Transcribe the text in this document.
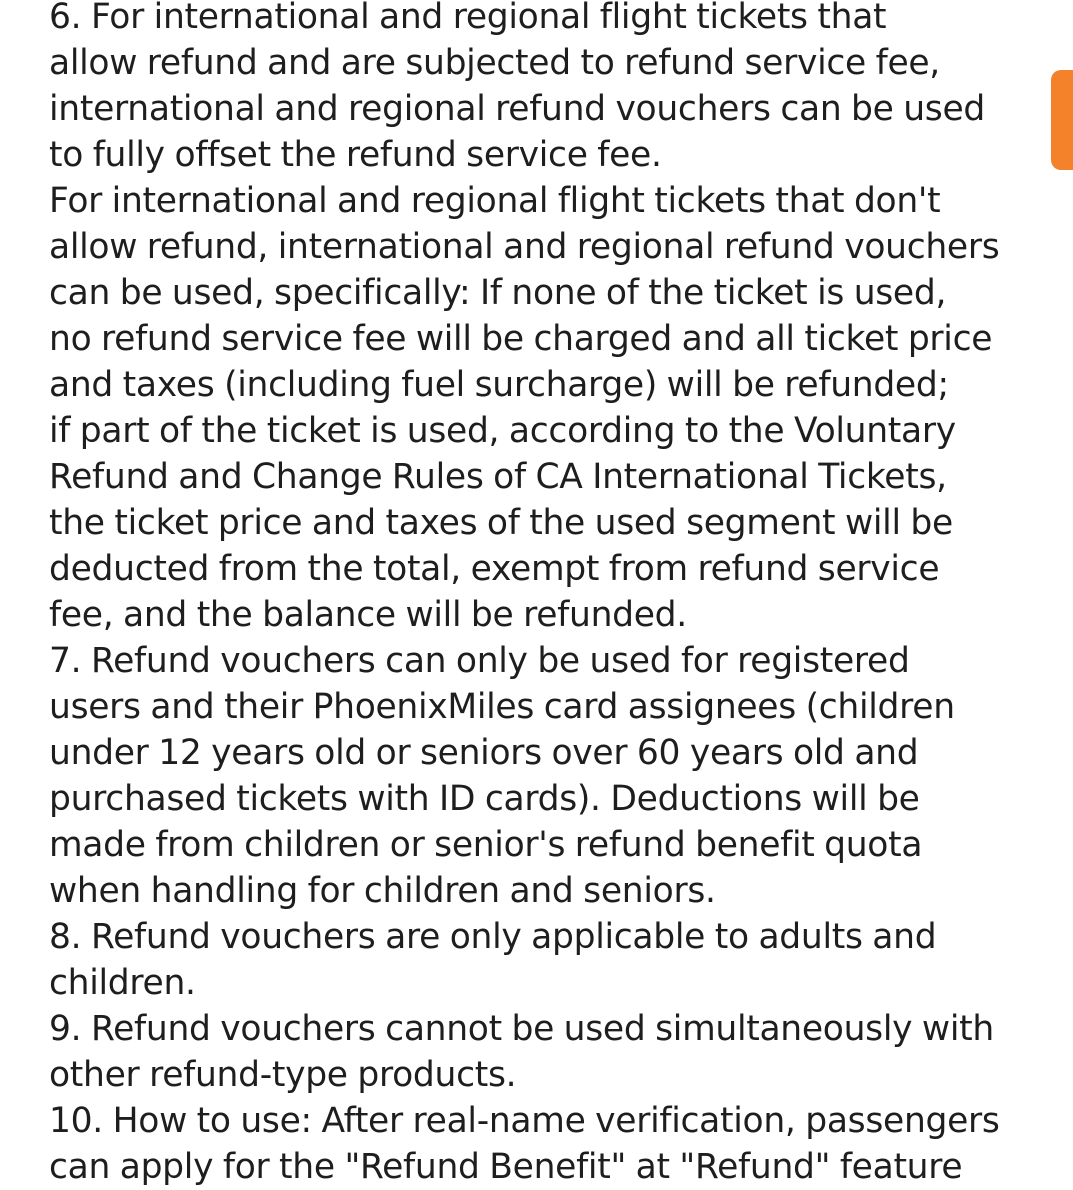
6. For international and regional flight tickets that
allow refund and are subjected to refund service fee,
international and regional refund vouchers can be used
to fully offset the refund service fee.
For international and regional flight tickets that don't
allow refund, international and regional refund vouchers
can be used, specifically: If none of the ticket is used,
no refund service fee will be charged and all ticket price
and taxes (including fuel surcharge) will be refunded;
if part of the ticket is used, according to the Voluntary
Refund and Change Rules of CA International Tickets,
the ticket price and taxes of the used segment will be
deducted from the total, exempt from refund service
fee, and the balance will be refunded.
7. Refund vouchers can only be used for registered
users and their PhoenixMiles card assignees (children
under 12 years old or seniors over 60 years old and
purchased tickets with ID cards). Deductions will be
made from children or senior's refund benefit quota
when handling for children and seniors.
8. Refund vouchers are only applicable to adults and
children.
9. Refund vouchers cannot be used simultaneously with
other refund-type products.
10. How to use: After real-name verification, passengers
can apply for the "Refund Benefit" at "Refund" feature
